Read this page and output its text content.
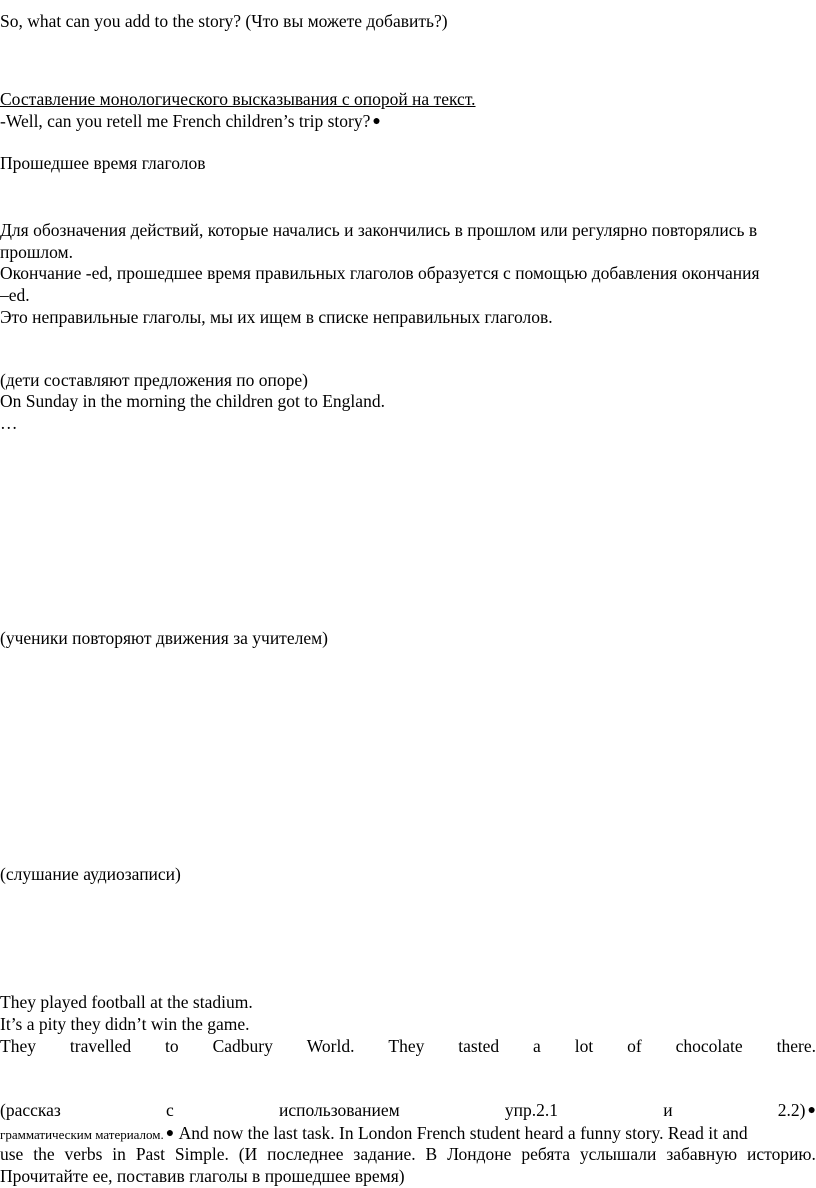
So, what can you add to the story? (Что вы можете добавить?)
Составление монологического высказывания с опорой на текст.
-Well, can you retell me French children’s trip story? ●
Прошедшее время глаголов
Для обозначения действий, которые начались и закончились в прошлом или регулярно повторялись в
прошлом.
Окончание -ed, прошедшее время правильных глаголов образуется с помощью добавления окончания
–ed.
Это неправильные глаголы, мы их ищем в списке неправильных глаголов.
(дети составляют предложения по опоре)
On Sunday in the morning the children got to England.
…
(ученики повторяют движения за учителем)
(слушание аудиозаписи)
They played football at the stadium.
It’s a pity they didn’t win the game.
They travelled to Cadbury World. They tasted a lot of chocolate there.
(рассказ	с	использованием	упр.2.1	и	2.2) ●
грамматическим материалом. ● And now the last task. In London French student heard a funny story. Read it and
use the verbs in Past Simple. (И последнее задание. В Лондоне ребята услышали забавную историю.
Прочитайте ее, поставив глаголы в прошедшее время)
